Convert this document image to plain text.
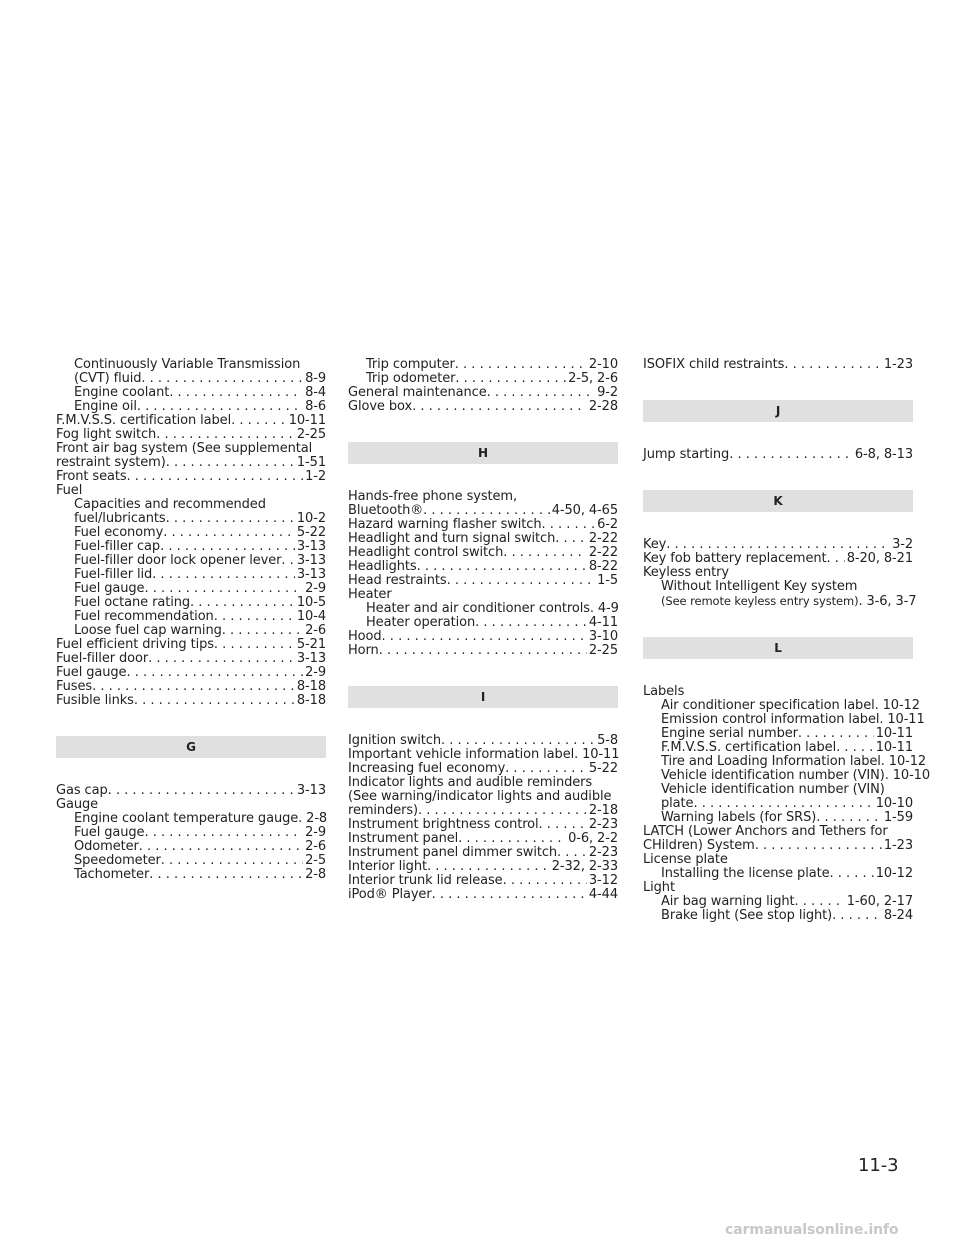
Continuously Variable Transmission
(CVT) fluid . . .	8-9
Engine coolant . . .	8-4
Engine oil . . .	8-6
F.M.V.S.S. certification label . . .	10-11
Fog light switch . . .	2-25
Front air bag system (See supplemental
restraint system) . . .	1-51
Front seats . . .	1-2
Fuel
Capacities and recommended
fuel/lubricants . . .	10-2
Fuel economy . . .	5-22
Fuel-filler cap . . .	3-13
Fuel-filler door lock opener lever . . . 3-13
Fuel-filler lid . . .	3-13
Fuel gauge . . .	2-9
Fuel octane rating . . .	10-5
Fuel recommendation . . .	10-4
Loose fuel cap warning . . .	2-6
Fuel efficient driving tips . . .	5-21
Fuel-filler door . . .	3-13
Fuel gauge . . .	2-9
Fuses . . .	8-18
Fusible links . . .	8-18
G
Gas cap . . .	3-13
Gauge
Engine coolant temperature gauge . . . 2-8
Fuel gauge . . .	2-9
Odometer . . .	2-6
Speedometer . . .	2-5
Tachometer . . .	2-8
Trip computer . . .	2-10
Trip odometer . . .	2-5, 2-6
General maintenance . . .	9-2
Glove box . . .	2-28
H
Hands-free phone system,
Bluetooth® . . .	4-50, 4-65
Hazard warning flasher switch . . .	6-2
Headlight and turn signal switch . . .	2-22
Headlight control switch . . .	2-22
Headlights . . .	8-22
Head restraints . . .	1-5
Heater
Heater and air conditioner controls . . . 4-9
Heater operation . . .	4-11
Hood . . .	3-10
Horn . . .	2-25
I
Ignition switch . . .	5-8
Important vehicle information label . . . 10-11
Increasing fuel economy . . .	5-22
Indicator lights and audible reminders
(See warning/indicator lights and audible
reminders) . . .	2-18
Instrument brightness control . . .	2-23
Instrument panel . . .	0-6, 2-2
Instrument panel dimmer switch . . . 2-23
Interior light . . .	2-32, 2-33
Interior trunk lid release . . .	3-12
iPod® Player . . .	4-44
ISOFIX child restraints . . .	1-23
J
Jump starting . . .	6-8, 8-13
K
Key . . .	3-2
Key fob battery replacement . . . 8-20, 8-21
Keyless entry
Without Intelligent Key system
(See remote keyless entry system) . . . 3-6, 3-7
L
Labels
Air conditioner specification label . . . 10-12
Emission control information label . . . 10-11
Engine serial number . . .	10-11
F.M.V.S.S. certification label . . .	10-11
Tire and Loading Information label . . . 10-12
Vehicle identification number (VIN) . . . 10-10
Vehicle identification number (VIN)
plate . . .	10-10
Warning labels (for SRS) . . .	1-59
LATCH (Lower Anchors and Tethers for
CHildren) System . . .	1-23
License plate
Installing the license plate . . .	10-12
Light
Air bag warning light . . .	1-60, 2-17
Brake light (See stop light) . . .	8-24
11-3
carmanualsonline.info
